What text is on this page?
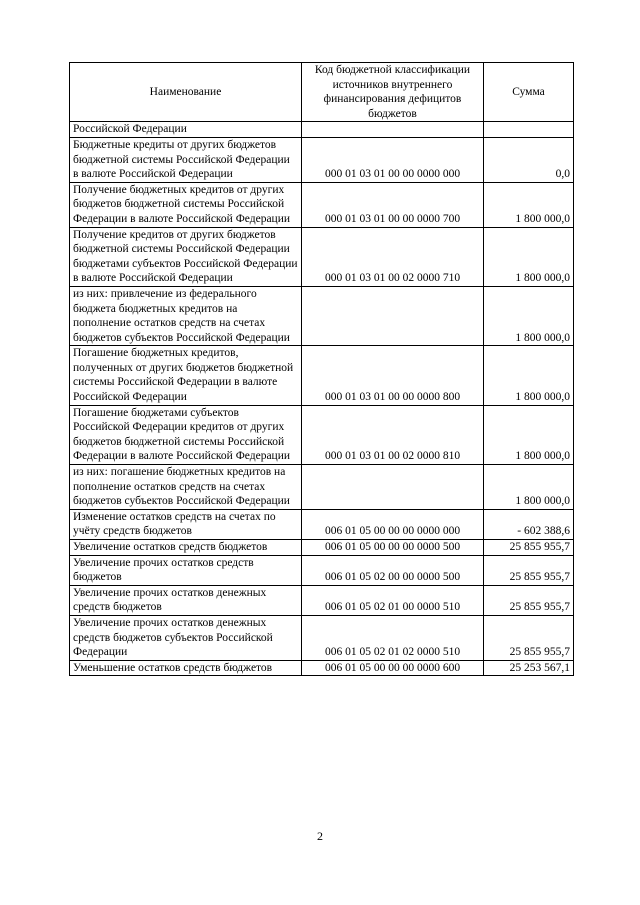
Наименование	Код бюджетной классификации источников внутреннего финансирования дефицитов бюджетов	Сумма
Российской Федерации		
Бюджетные кредиты от других бюджетов бюджетной системы Российской Федерации в валюте Российской Федерации	000 01 03 01 00 00 0000 000	0,0
Получение бюджетных кредитов от других бюджетов бюджетной системы Российской Федерации в валюте Российской Федерации	000 01 03 01 00 00 0000 700	1 800 000,0
Получение кредитов от других бюджетов бюджетной системы Российской Федерации бюджетами субъектов Российской Федерации в валюте Российской Федерации	000 01 03 01 00 02 0000 710	1 800 000,0
из них: привлечение из федерального бюджета бюджетных кредитов на пополнение остатков средств на счетах бюджетов субъектов Российской Федерации		1 800 000,0
Погашение бюджетных кредитов, полученных от других бюджетов бюджетной системы Российской Федерации в валюте Российской Федерации	000 01 03 01 00 00 0000 800	1 800 000,0
Погашение бюджетами субъектов Российской Федерации кредитов от других бюджетов бюджетной системы Российской Федерации в валюте Российской Федерации	000 01 03 01 00 02 0000 810	1 800 000,0
из них: погашение бюджетных кредитов на пополнение остатков средств на счетах бюджетов субъектов Российской Федерации		1 800 000,0
Изменение остатков средств на счетах по учёту средств бюджетов	006 01 05 00 00 00 0000 000	- 602 388,6
Увеличение остатков средств бюджетов	006 01 05 00 00 00 0000 500	25 855 955,7
Увеличение прочих остатков средств бюджетов	006 01 05 02 00 00 0000 500	25 855 955,7
Увеличение прочих остатков денежных средств бюджетов	006 01 05 02 01 00 0000 510	25 855 955,7
Увеличение прочих остатков денежных средств бюджетов субъектов Российской Федерации	006 01 05 02 01 02 0000 510	25 855 955,7
Уменьшение остатков средств бюджетов	006 01 05 00 00 00 0000 600	25 253 567,1
2
